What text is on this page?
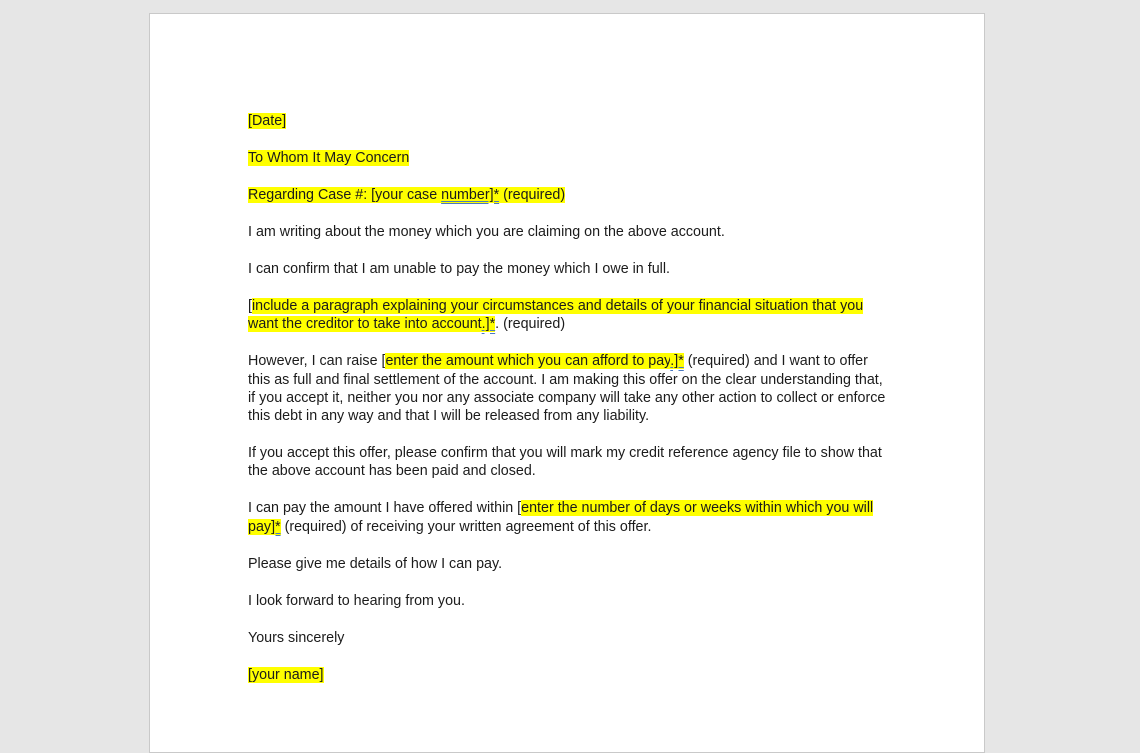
[Date]

To Whom It May Concern

Regarding Case #: [your case number]* (required)

I am writing about the money which you are claiming on the above account.

I can confirm that I am unable to pay the money which I owe in full.

[include a paragraph explaining your circumstances and details of your financial situation that you want the creditor to take into account.]*. (required)

However, I can raise [enter the amount which you can afford to pay.]* (required) and I want to offer this as full and final settlement of the account. I am making this offer on the clear understanding that, if you accept it, neither you nor any associate company will take any other action to collect or enforce this debt in any way and that I will be released from any liability.

If you accept this offer, please confirm that you will mark my credit reference agency file to show that the above account has been paid and closed.

I can pay the amount I have offered within [enter the number of days or weeks within which you will pay]* (required) of receiving your written agreement of this offer.

Please give me details of how I can pay.

I look forward to hearing from you.

Yours sincerely

[your name]
